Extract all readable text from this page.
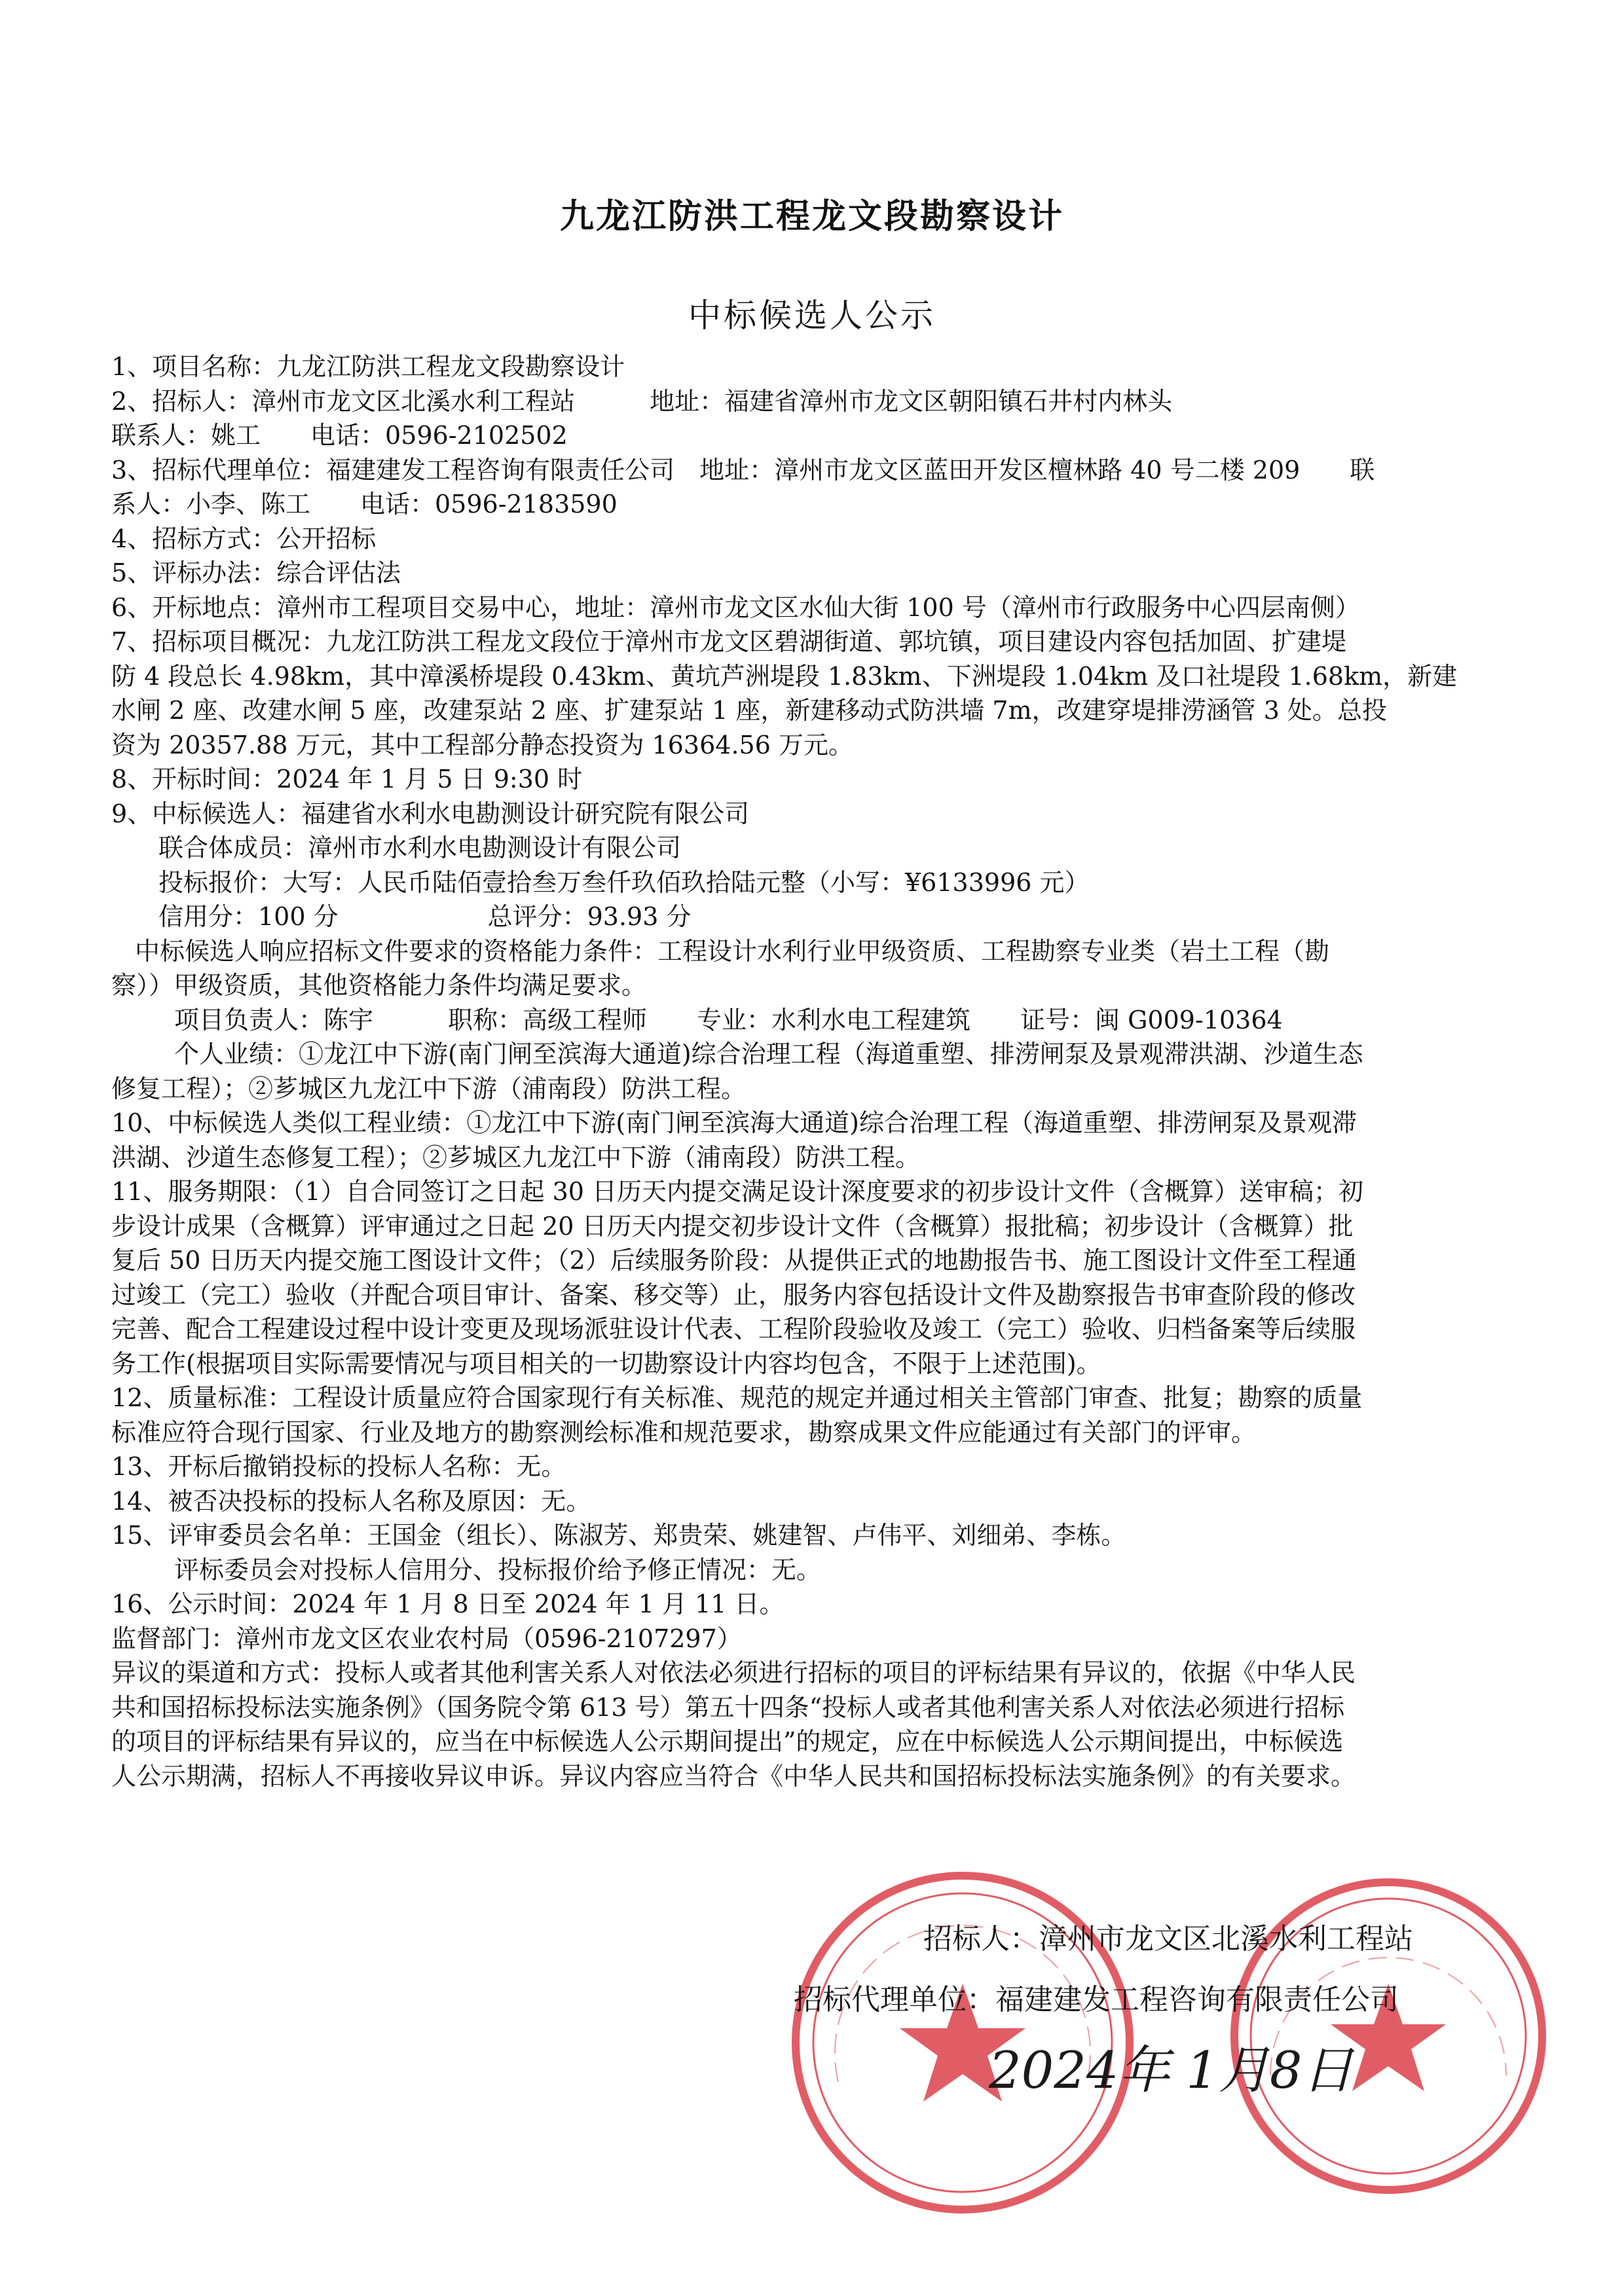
九龙江防洪工程龙文段勘察设计
中标候选人公示
1、项目名称：九龙江防洪工程龙文段勘察设计
2、招标人：漳州市龙文区北溪水利工程站　　　地址：福建省漳州市龙文区朝阳镇石井村内林头
联系人：姚工　　电话：0596-2102502
3、招标代理单位：福建建发工程咨询有限责任公司　地址：漳州市龙文区蓝田开发区檀林路 40 号二楼 209　　联
系人：小李、陈工　　电话：0596-2183590
4、招标方式：公开招标
5、评标办法：综合评估法
6、开标地点：漳州市工程项目交易中心，地址：漳州市龙文区水仙大街 100 号（漳州市行政服务中心四层南侧）
7、招标项目概况：九龙江防洪工程龙文段位于漳州市龙文区碧湖街道、郭坑镇，项目建设内容包括加固、扩建堤
防 4 段总长 4.98km，其中漳溪桥堤段 0.43km、黄坑芦洲堤段 1.83km、下洲堤段 1.04km 及口社堤段 1.68km，新建
水闸 2 座、改建水闸 5 座，改建泵站 2 座、扩建泵站 1 座，新建移动式防洪墙 7m，改建穿堤排涝涵管 3 处。总投
资为 20357.88 万元，其中工程部分静态投资为 16364.56 万元。
8、开标时间：2024 年 1 月 5 日 9:30 时
9、中标候选人：福建省水利水电勘测设计研究院有限公司
联合体成员：漳州市水利水电勘测设计有限公司
投标报价：大写：人民币陆佰壹拾叁万叁仟玖佰玖拾陆元整（小写：¥6133996 元）
信用分：100 分　　　　　　总评分：93.93 分
中标候选人响应招标文件要求的资格能力条件：工程设计水利行业甲级资质、工程勘察专业类（岩土工程（勘
察））甲级资质，其他资格能力条件均满足要求。
项目负责人：陈宇　　　职称：高级工程师　　专业：水利水电工程建筑　　证号：闽 G009-10364
个人业绩：①龙江中下游(南门闸至滨海大通道)综合治理工程（海道重塑、排涝闸泵及景观滞洪湖、沙道生态
修复工程）；②芗城区九龙江中下游（浦南段）防洪工程。
10、中标候选人类似工程业绩：①龙江中下游(南门闸至滨海大通道)综合治理工程（海道重塑、排涝闸泵及景观滞
洪湖、沙道生态修复工程）；②芗城区九龙江中下游（浦南段）防洪工程。
11、服务期限：（1）自合同签订之日起 30 日历天内提交满足设计深度要求的初步设计文件（含概算）送审稿；初
步设计成果（含概算）评审通过之日起 20 日历天内提交初步设计文件（含概算）报批稿；初步设计（含概算）批
复后 50 日历天内提交施工图设计文件；（2）后续服务阶段：从提供正式的地勘报告书、施工图设计文件至工程通
过竣工（完工）验收（并配合项目审计、备案、移交等）止，服务内容包括设计文件及勘察报告书审查阶段的修改
完善、配合工程建设过程中设计变更及现场派驻设计代表、工程阶段验收及竣工（完工）验收、归档备案等后续服
务工作(根据项目实际需要情况与项目相关的一切勘察设计内容均包含，不限于上述范围)。
12、质量标准：工程设计质量应符合国家现行有关标准、规范的规定并通过相关主管部门审查、批复；勘察的质量
标准应符合现行国家、行业及地方的勘察测绘标准和规范要求，勘察成果文件应能通过有关部门的评审。
13、开标后撤销投标的投标人名称：无。
14、被否决投标的投标人名称及原因：无。
15、评审委员会名单：王国金（组长）、陈淑芳、郑贵荣、姚建智、卢伟平、刘细弟、李栋。
评标委员会对投标人信用分、投标报价给予修正情况：无。
16、公示时间：2024 年 1 月 8 日至 2024 年 1 月 11 日。
监督部门：漳州市龙文区农业农村局（0596-2107297）
异议的渠道和方式：投标人或者其他利害关系人对依法必须进行招标的项目的评标结果有异议的，依据《中华人民
共和国招标投标法实施条例》（国务院令第 613 号）第五十四条“投标人或者其他利害关系人对依法必须进行招标
的项目的评标结果有异议的，应当在中标候选人公示期间提出”的规定，应在中标候选人公示期间提出，中标候选
人公示期满，招标人不再接收异议申诉。异议内容应当符合《中华人民共和国招标投标法实施条例》的有关要求。
招标人：漳州市龙文区北溪水利工程站
招标代理单位：福建建发工程咨询有限责任公司
2024年 1月8日
